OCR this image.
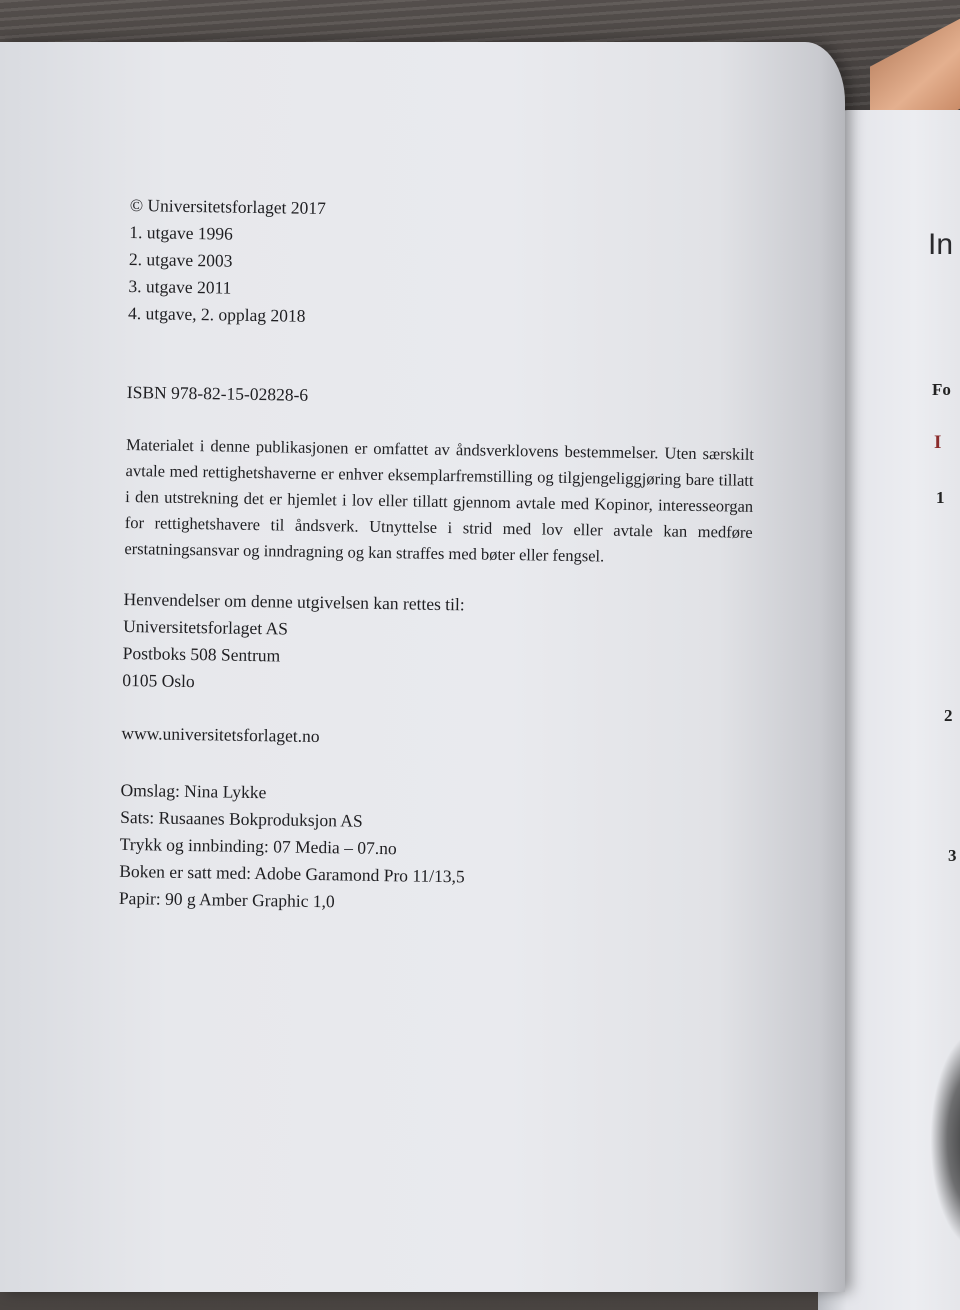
In
Fo
I
1
2
3

© Universitetsforlaget 2017

1. utgave 1996

2. utgave 2003

3. utgave 2011

4. utgave, 2. opplag 2018

ISBN 978-82-15-02828-6

Materialet i denne publikasjonen er omfattet av åndsverklovens bestemmelser. Uten særskilt avtale med rettighetshaverne er enhver eksemplarfremstilling og tilgjengeliggjøring bare tillatt i den utstrekning det er hjemlet i lov eller tillatt gjennom avtale med Kopinor, interesseorgan for rettighetshavere til åndsverk. Utnyttelse i strid med lov eller avtale kan medføre erstatningsansvar og inndragning og kan straffes med bøter eller fengsel.

Henvendelser om denne utgivelsen kan rettes til:

Universitetsforlaget AS

Postboks 508 Sentrum

0105 Oslo

www.universitetsforlaget.no

Omslag: Nina Lykke

Sats: Rusaanes Bokproduksjon AS

Trykk og innbinding: 07 Media – 07.no

Boken er satt med: Adobe Garamond Pro 11/13,5

Papir: 90 g Amber Graphic 1,0
